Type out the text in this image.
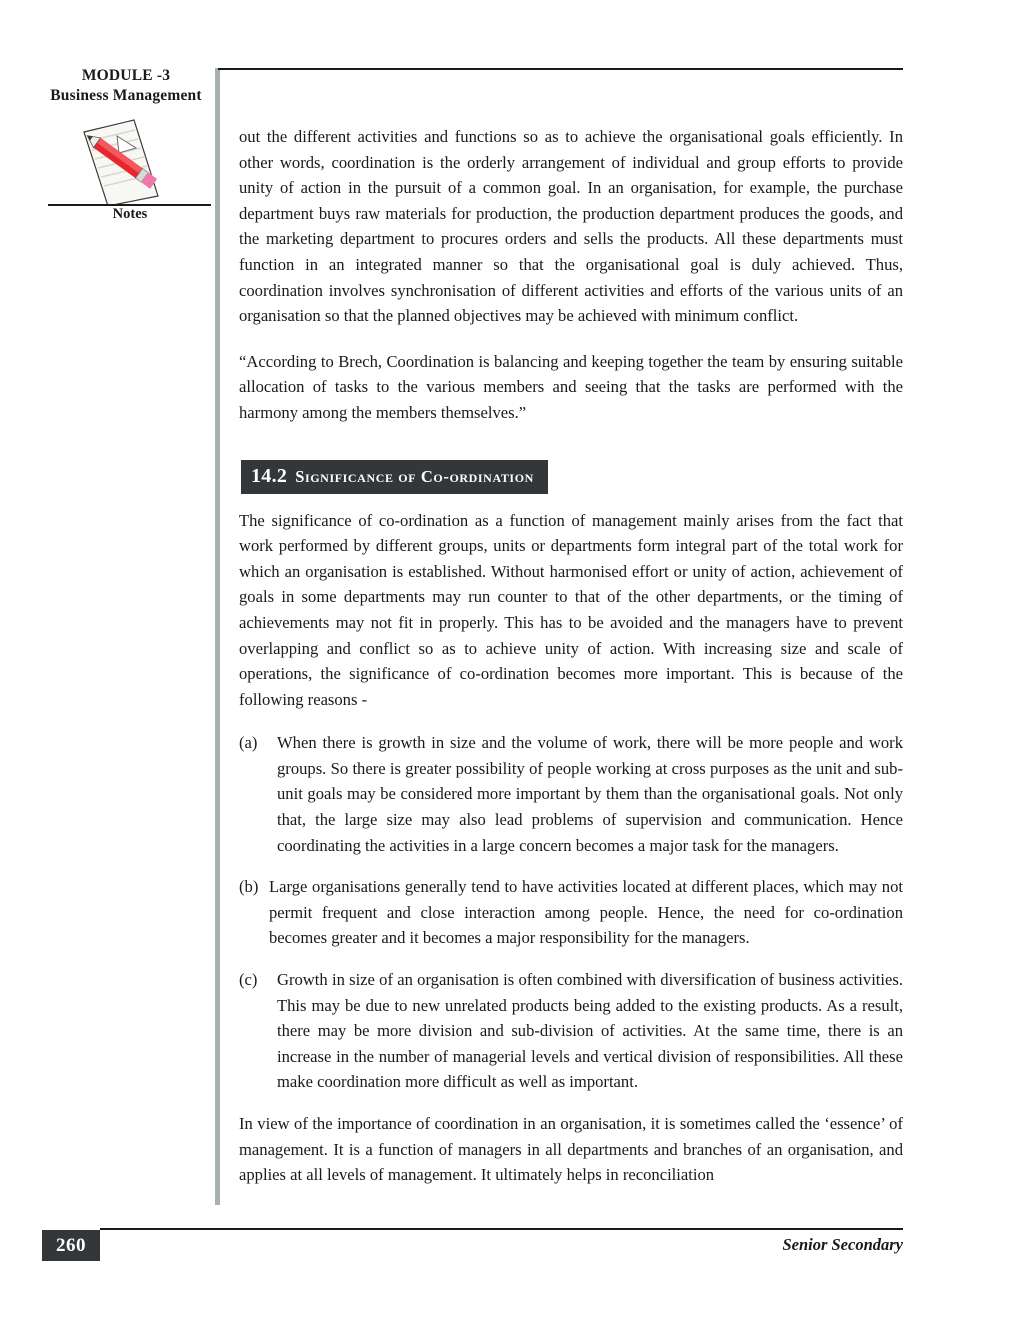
MODULE -3
Business Management
Notes

out the different activities and functions so as to achieve the organisational goals efficiently. In other words, coordination is the orderly arrangement of individual and group efforts to provide unity of action in the pursuit of a common goal. In an organisation, for example, the purchase department buys raw materials for production, the production department produces the goods, and the marketing department to procures orders and sells the products. All these departments must function in an integrated manner so that the organisational goal is duly achieved. Thus, coordination involves synchronisation of different activities and efforts of the various units of an organisation so that the planned objectives may be achieved with minimum conflict.

“According to Brech, Coordination is balancing and keeping together the team by ensuring suitable allocation of tasks to the various members and seeing that the tasks are performed with the harmony among the members themselves.”

14.2 Significance of Co-ordination

The significance of co-ordination as a function of management mainly arises from the fact that work performed by different groups, units or departments form integral part of the total work for which an organisation is established. Without harmonised effort or unity of action, achievement of goals in some departments may run counter to that of the other departments, or the timing of achievements may not fit in properly. This has to be avoided and the managers have to prevent overlapping and conflict so as to achieve unity of action. With increasing size and scale of operations, the significance of co-ordination becomes more important. This is because of the following reasons -

(a)	When there is growth in size and the volume of work, there will be more people and work groups. So there is greater possibility of people working at cross purposes as the unit and sub-unit goals may be considered more important by them than the organisational goals. Not only that, the large size may also lead problems of supervision and communication. Hence coordinating the activities in a large concern becomes a major task for the managers.
(b) Large organisations generally tend to have activities located at different places, which may not permit frequent and close interaction among people. Hence, the need for co-ordination becomes greater and it becomes a major responsibility for the managers.
(c)	Growth in size of an organisation is often combined with diversification of business activities. This may be due to new unrelated products being added to the existing products. As a result, there may be more division and sub-division of activities. At the same time, there is an increase in the number of managerial levels and vertical division of responsibilities. All these make coordination more difficult as well as important.

In view of the importance of coordination in an organisation, it is sometimes called the ‘essence’ of management. It is a function of managers in all departments and branches of an organisation, and applies at all levels of management. It ultimately helps in reconciliation

260	Senior Secondary
